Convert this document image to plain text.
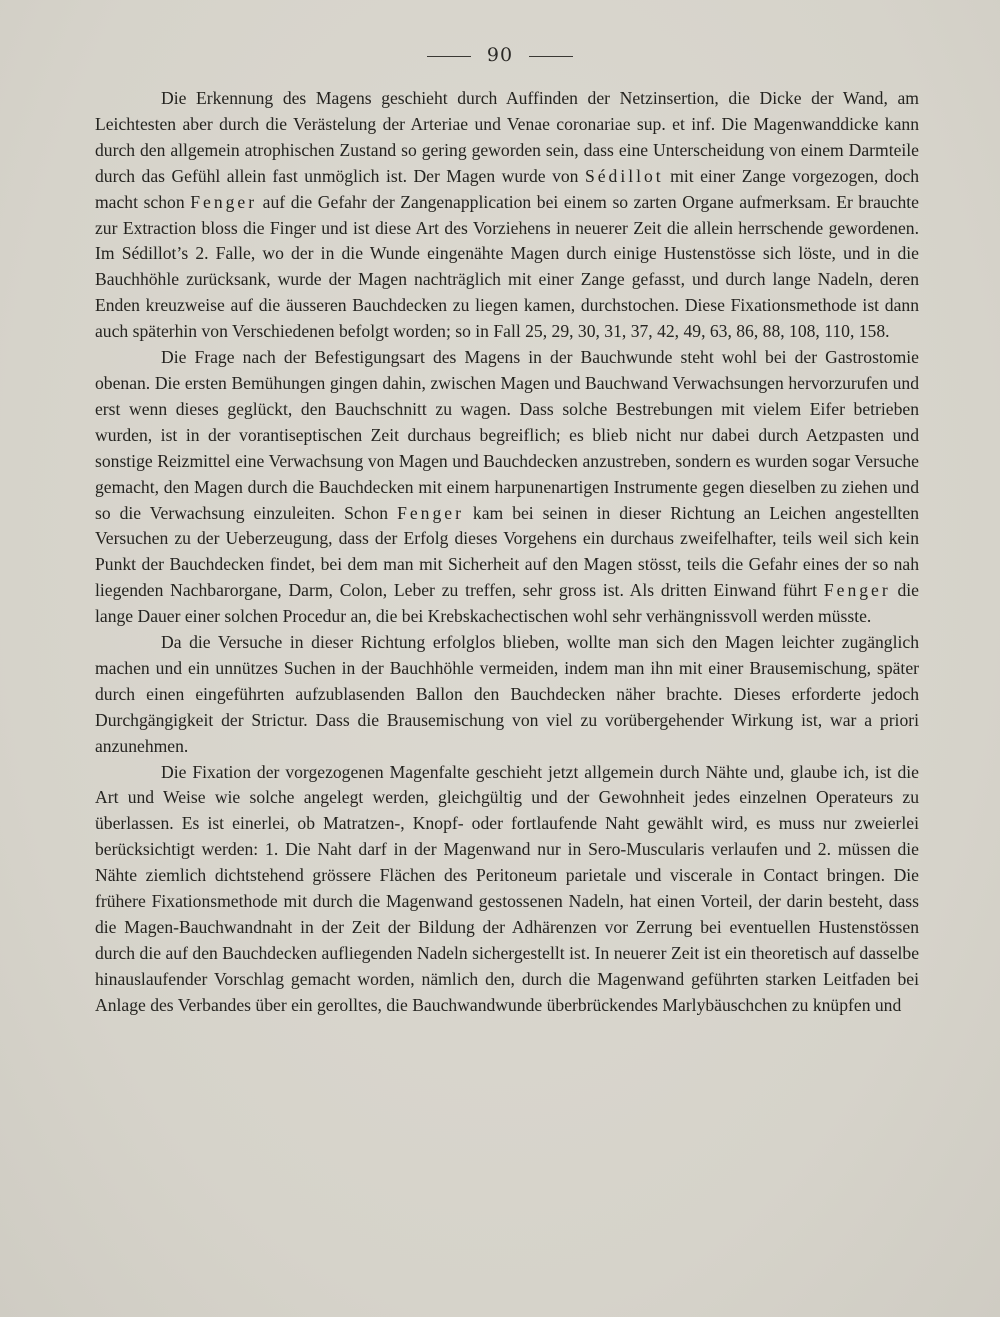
90

Die Erkennung des Magens geschieht durch Auffinden der Netzinsertion, die Dicke der Wand, am Leichtesten aber durch die Verästelung der Arteriae und Venae coronariae sup. et inf. Die Magenwanddicke kann durch den allgemein atrophischen Zustand so gering geworden sein, dass eine Unterscheidung von einem Darmteile durch das Gefühl allein fast unmöglich ist. Der Magen wurde von Sédillot mit einer Zange vorgezogen, doch macht schon Fenger auf die Gefahr der Zangenapplication bei einem so zarten Organe aufmerksam. Er brauchte zur Extraction bloss die Finger und ist diese Art des Vorziehens in neuerer Zeit die allein herrschende gewordenen. Im Sédillot’s 2. Falle, wo der in die Wunde eingenähte Magen durch einige Hustenstösse sich löste, und in die Bauchhöhle zurücksank, wurde der Magen nachträglich mit einer Zange gefasst, und durch lange Nadeln, deren Enden kreuzweise auf die äusseren Bauchdecken zu liegen kamen, durchstochen. Diese Fixationsmethode ist dann auch späterhin von Verschiedenen befolgt worden; so in Fall 25, 29, 30, 31, 37, 42, 49, 63, 86, 88, 108, 110, 158.

Die Frage nach der Befestigungsart des Magens in der Bauchwunde steht wohl bei der Gastrostomie obenan. Die ersten Bemühungen gingen dahin, zwischen Magen und Bauchwand Verwachsungen hervorzurufen und erst wenn dieses geglückt, den Bauchschnitt zu wagen. Dass solche Bestrebungen mit vielem Eifer betrieben wurden, ist in der vorantiseptischen Zeit durchaus begreiflich; es blieb nicht nur dabei durch Aetzpasten und sonstige Reizmittel eine Verwachsung von Magen und Bauchdecken anzustreben, sondern es wurden sogar Versuche gemacht, den Magen durch die Bauchdecken mit einem harpunenartigen Instrumente gegen dieselben zu ziehen und so die Verwachsung einzuleiten. Schon Fenger kam bei seinen in dieser Richtung an Leichen angestellten Versuchen zu der Ueberzeugung, dass der Erfolg dieses Vorgehens ein durchaus zweifelhafter, teils weil sich kein Punkt der Bauchdecken findet, bei dem man mit Sicherheit auf den Magen stösst, teils die Gefahr eines der so nah liegenden Nachbarorgane, Darm, Colon, Leber zu treffen, sehr gross ist. Als dritten Einwand führt Fenger die lange Dauer einer solchen Procedur an, die bei Krebskachectischen wohl sehr verhängnissvoll werden müsste.

Da die Versuche in dieser Richtung erfolglos blieben, wollte man sich den Magen leichter zugänglich machen und ein unnützes Suchen in der Bauchhöhle vermeiden, indem man ihn mit einer Brausemischung, später durch einen eingeführten aufzublasenden Ballon den Bauchdecken näher brachte. Dieses erforderte jedoch Durchgängigkeit der Strictur. Dass die Brausemischung von viel zu vorübergehender Wirkung ist, war a priori anzunehmen.

Die Fixation der vorgezogenen Magenfalte geschieht jetzt allgemein durch Nähte und, glaube ich, ist die Art und Weise wie solche angelegt werden, gleichgültig und der Gewohnheit jedes einzelnen Operateurs zu überlassen. Es ist einerlei, ob Matratzen-, Knopf- oder fortlaufende Naht gewählt wird, es muss nur zweierlei berücksichtigt werden: 1. Die Naht darf in der Magenwand nur in Sero-Muscularis verlaufen und 2. müssen die Nähte ziemlich dichtstehend grössere Flächen des Peritoneum parietale und viscerale in Contact bringen. Die frühere Fixationsmethode mit durch die Magenwand gestossenen Nadeln, hat einen Vorteil, der darin besteht, dass die Magen-Bauchwandnaht in der Zeit der Bildung der Adhärenzen vor Zerrung bei eventuellen Hustenstössen durch die auf den Bauchdecken aufliegenden Nadeln sichergestellt ist. In neuerer Zeit ist ein theoretisch auf dasselbe hinauslaufender Vorschlag gemacht worden, nämlich den, durch die Magenwand geführten starken Leitfaden bei Anlage des Verbandes über ein gerolltes, die Bauchwandwunde überbrückendes Marlybäuschchen zu knüpfen und
